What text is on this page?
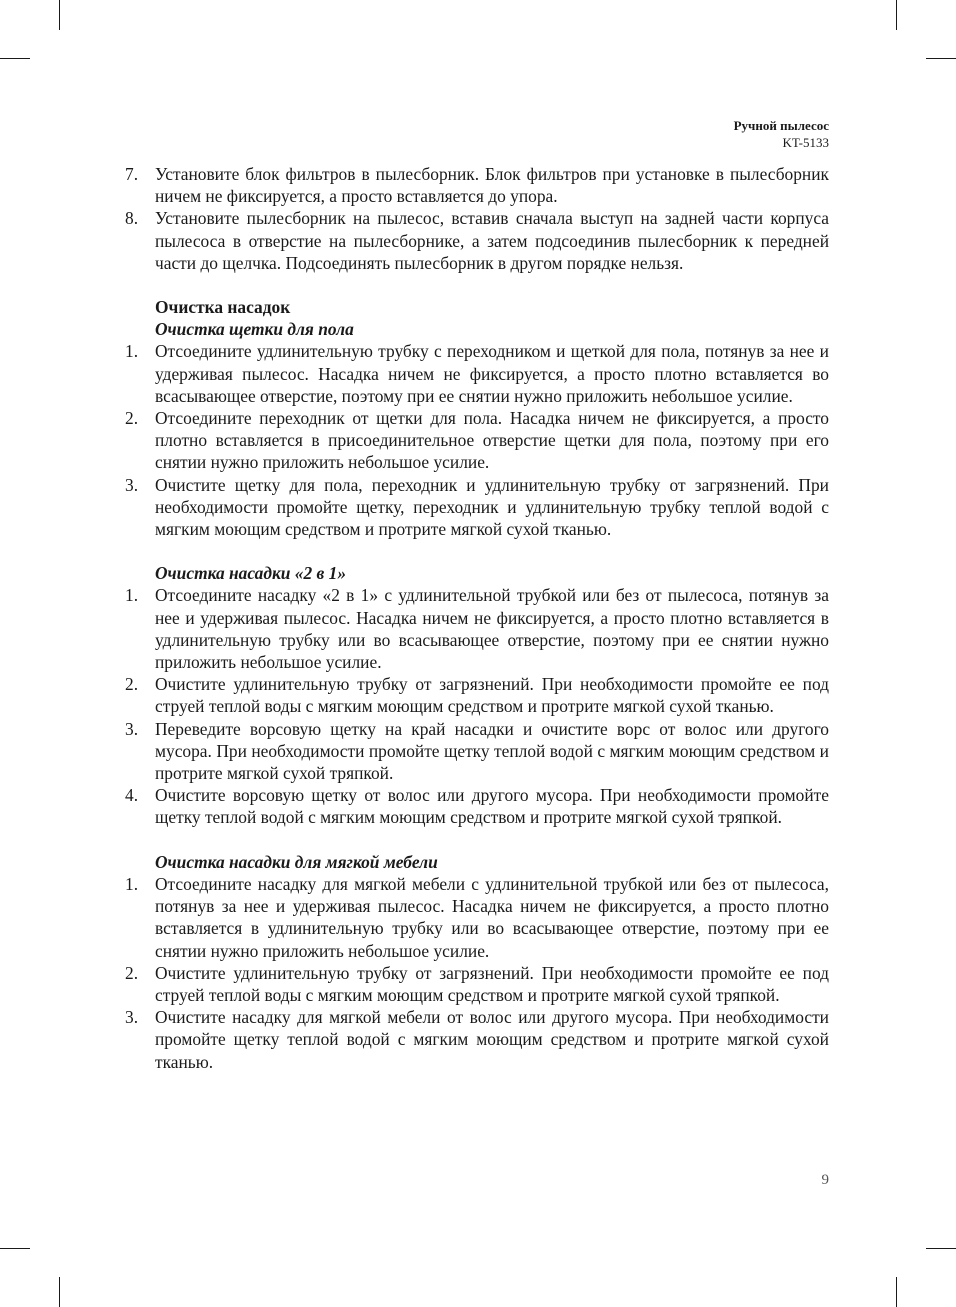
Ручной пылесос
KT-5133
7. Установите блок фильтров в пылесборник. Блок фильтров при установке в пылесборник ничем не фиксируется, а просто вставляется до упора.
8. Установите пылесборник на пылесос, вставив сначала выступ на задней части корпуса пылесоса в отверстие на пылесборнике, а затем подсоединив пылесборник к передней части до щелчка. Подсоединять пылесборник в другом порядке нельзя.
Очистка насадок
Очистка щетки для пола
1. Отсоедините удлинительную трубку с переходником и щеткой для пола, потянув за нее и удерживая пылесос. Насадка ничем не фиксируется, а просто плотно вставляется во всасывающее отверстие, поэтому при ее снятии нужно приложить небольшое усилие.
2. Отсоедините переходник от щетки для пола. Насадка ничем не фиксируется, а просто плотно вставляется в присоединительное отверстие щетки для пола, поэтому при его снятии нужно приложить небольшое усилие.
3. Очистите щетку для пола, переходник и удлинительную трубку от загрязнений. При необходимости промойте щетку, переходник и удлинительную трубку теплой водой с мягким моющим средством и протрите мягкой сухой тканью.
Очистка насадки «2 в 1»
1. Отсоедините насадку «2 в 1» с удлинительной трубкой или без от пылесоса, потянув за нее и удерживая пылесос. Насадка ничем не фиксируется, а просто плотно вставляется в удлинительную трубку или во всасывающее отверстие, поэтому при ее снятии нужно приложить небольшое усилие.
2. Очистите удлинительную трубку от загрязнений. При необходимости промойте ее под струей теплой воды с мягким моющим средством и протрите мягкой сухой тканью.
3. Переведите ворсовую щетку на край насадки и очистите ворс от волос или другого мусора. При необходимости промойте щетку теплой водой с мягким моющим средством и протрите мягкой сухой тряпкой.
4. Очистите ворсовую щетку от волос или другого мусора. При необходимости промойте щетку теплой водой с мягким моющим средством и протрите мягкой сухой тряпкой.
Очистка насадки для мягкой мебели
1. Отсоедините насадку для мягкой мебели с удлинительной трубкой или без от пылесоса, потянув за нее и удерживая пылесос. Насадка ничем не фиксируется, а просто плотно вставляется в удлинительную трубку или во всасывающее отверстие, поэтому при ее снятии нужно приложить небольшое усилие.
2. Очистите удлинительную трубку от загрязнений. При необходимости промойте ее под струей теплой воды с мягким моющим средством и протрите мягкой сухой тряпкой.
3. Очистите насадку для мягкой мебели от волос или другого мусора. При необходимости промойте щетку теплой водой с мягким моющим средством и протрите мягкой сухой тканью.
9
